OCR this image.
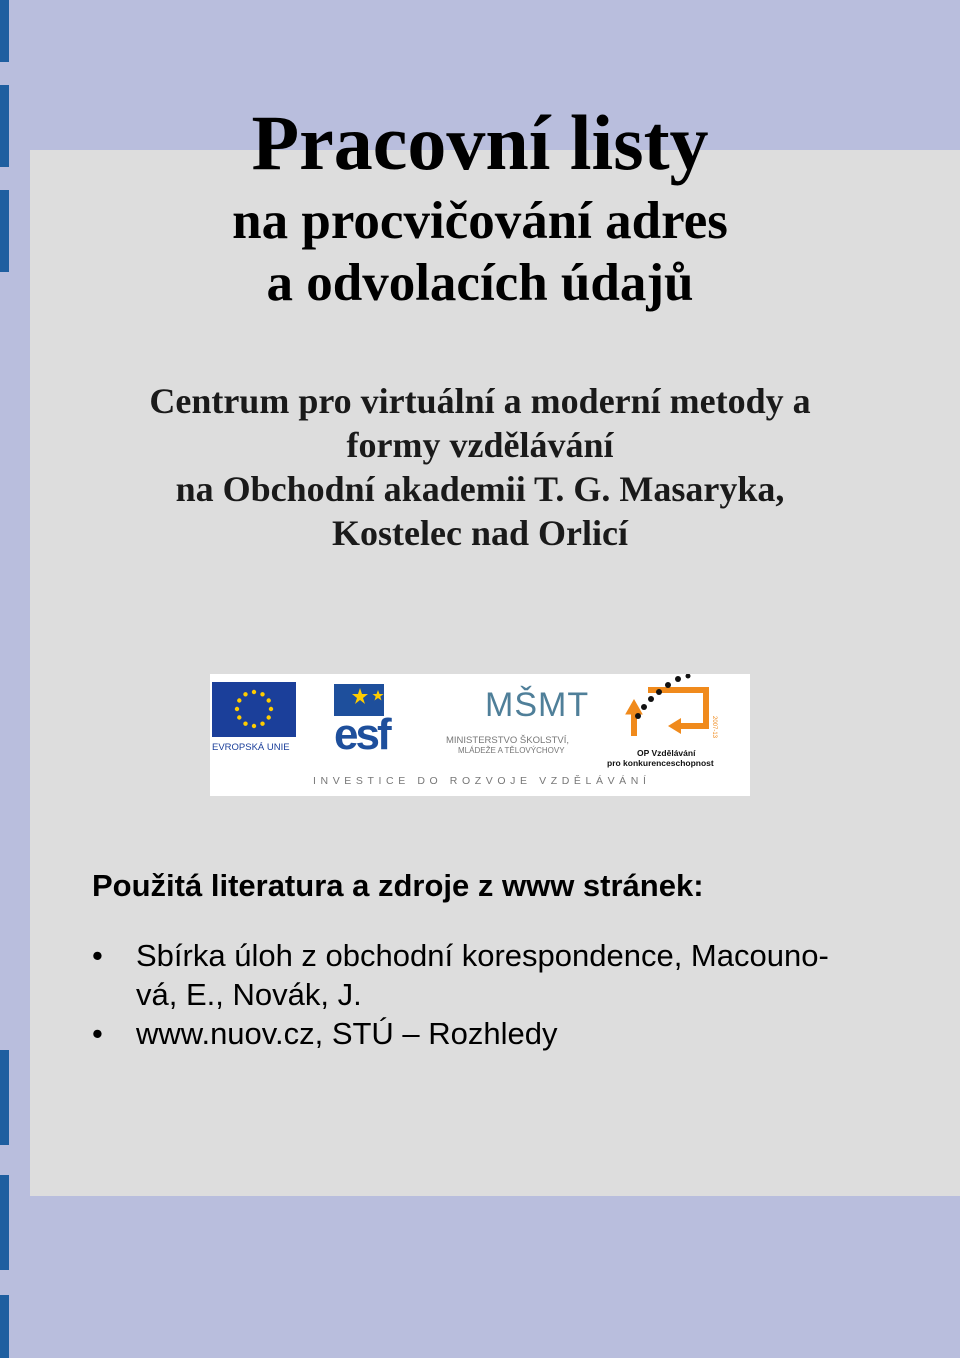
Pracovní listy
na procvičování adres
a odvolacích údajů
Centrum pro virtuální a moderní metody a
formy vzdělávání
na Obchodní akademii T. G. Masaryka,
Kostelec nad Orlicí
EVROPSKÁ UNIE esf
MŠMT
MINISTERSTVO ŠKOLSTVÍ,
MLÁDEŽE A TĚLOVÝCHOVY
2007-13
OP Vzdělávání
pro konkurenceschopnost
INVESTICE DO ROZVOJE VZDĚLÁVÁNÍ
Použitá literatura a zdroje z www stránek:
• Sbírka úloh z obchodní korespondence, Macouno-
vá, E., Novák, J.
• www.nuov.cz, STÚ – Rozhledy
